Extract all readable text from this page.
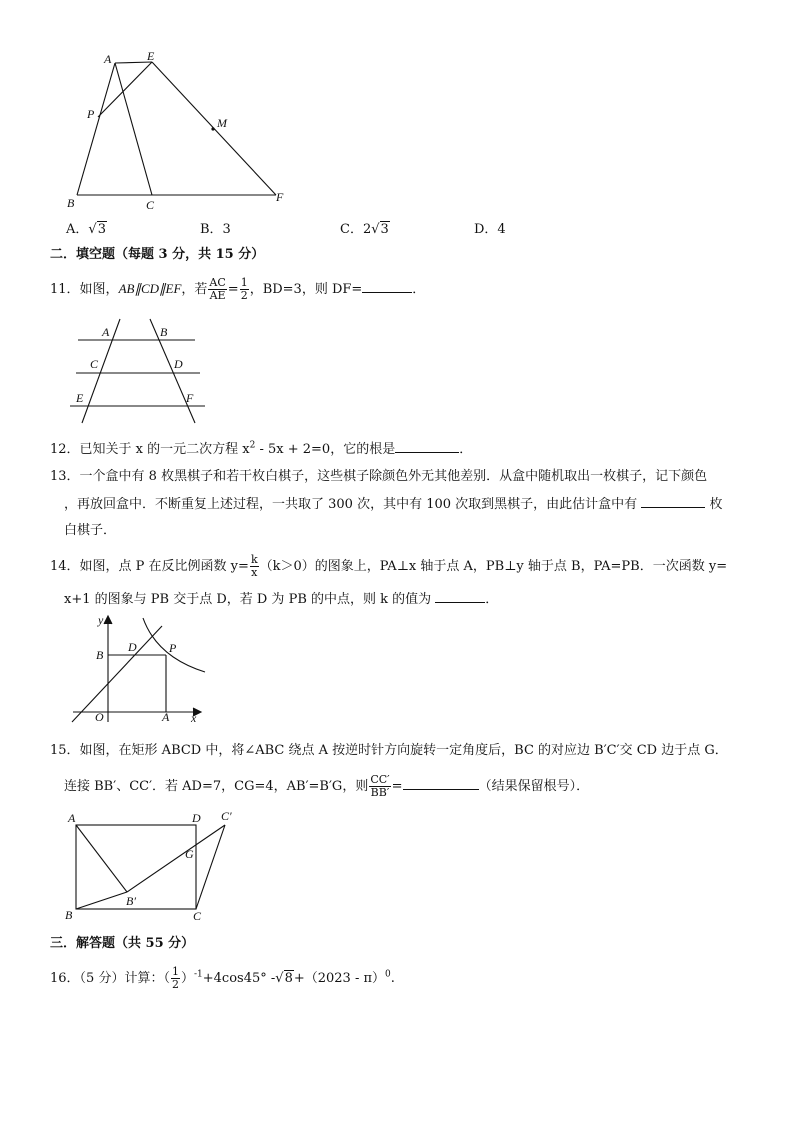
A	E
P
M
B	C
F
A．√3	B．3	C．2√3	D．4
二．填空题（每题 3 分，共 15 分）
11．如图，AB∥CD∥EF，若 $\frac{AC}{AE} = \frac{1}{2}$ ，BD=3，则 DF=	．
A	B
C	D
E	F
12．已知关于 x 的一元二次方程 $x^2 - 5x + 2=0$，它的根是	．
13．一个盒中有 8 枚黑棋子和若干枚白棋子，这些棋子除颜色外无其他差别．从盒中随机取出一枚棋子，记下颜色
，再放回盒中．不断重复上述过程，一共取了 300 次，其中有 100 次取到黑棋子，由此估计盒中有	枚
白棋子．
14．如图，点 P 在反比例函数 $y= \frac{k}{x} (k>0)$的图象上，PA⊥x 轴于点 A，PB⊥y 轴于点 B，PA=PB．一次函数 y=
x+1 的图象与 PB 交于点 D，若 D 为 PB 的中点，则 k 的值为	．
y
B
D	P
O	A x
15．如图，在矩形 ABCD 中，将∠ABC 绕点 A 按逆时针方向旋转一定角度后，BC 的对应边 B′C′交 CD 边于点 G．
连接 BB′、CC′．若 AD=7，CG=4，AB′=B′G，则 $\frac{CC'}{BB'}$ =	（结果保留根号）．
A	D C′
G
B′
B	C
三．解答题（共 55 分）
16．（5 分）计算：（ $\frac{1}{2} )^{-1}+4\cos 45^\circ$ -√8+（2023 - π）$^0$.
